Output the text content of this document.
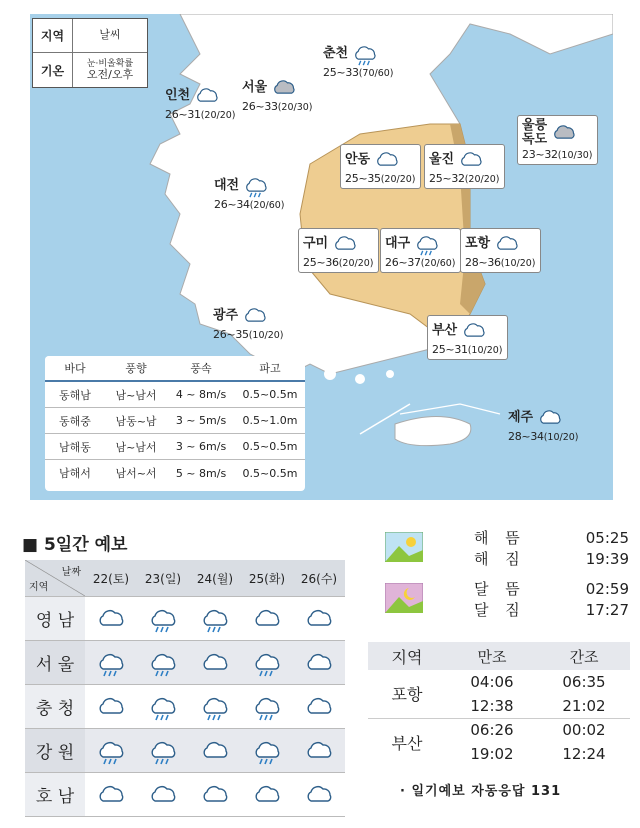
지역	날씨
기온	눈·비올확률
오전/오후
춘천
25~33(70/60)
서울
26~33(20/30)
인천
26~31(20/20)
대전
26~34(20/60)
광주
26~35(10/20)	부산
25~31(10/20)
제주
28~34(10/20)
울릉
독도
23~32(10/30)
안동
25~35(20/20)
울진
25~32(20/20)
구미
25~36(20/20)
대구
26~37(20/60)
포항
28~36(10/20)
바다	풍향	풍속	파고
동해남	남~남서	4 ~ 8m/s	0.5~0.5m
동해중	남동~남	3 ~ 5m/s	0.5~1.0m
남해동	남~남서	3 ~ 6m/s	0.5~0.5m
남해서	남서~서	5 ~ 8m/s	0.5~0.5m
■ 5일간 예보
날짜
지역	22(토)	23(일)	24(월)	25(화)	26(수)
영 남					
서 울					
충 청					
강 원					
호 남					
해 뜸	05:25
해 짐	19:39
달 뜸	02:59
달 짐	17:27
지역	만조	간조
포항	04:06	06:35
	12:38	21:02
부산	06:26	00:02
	19:02	12:24
· 일기예보 자동응답 131
